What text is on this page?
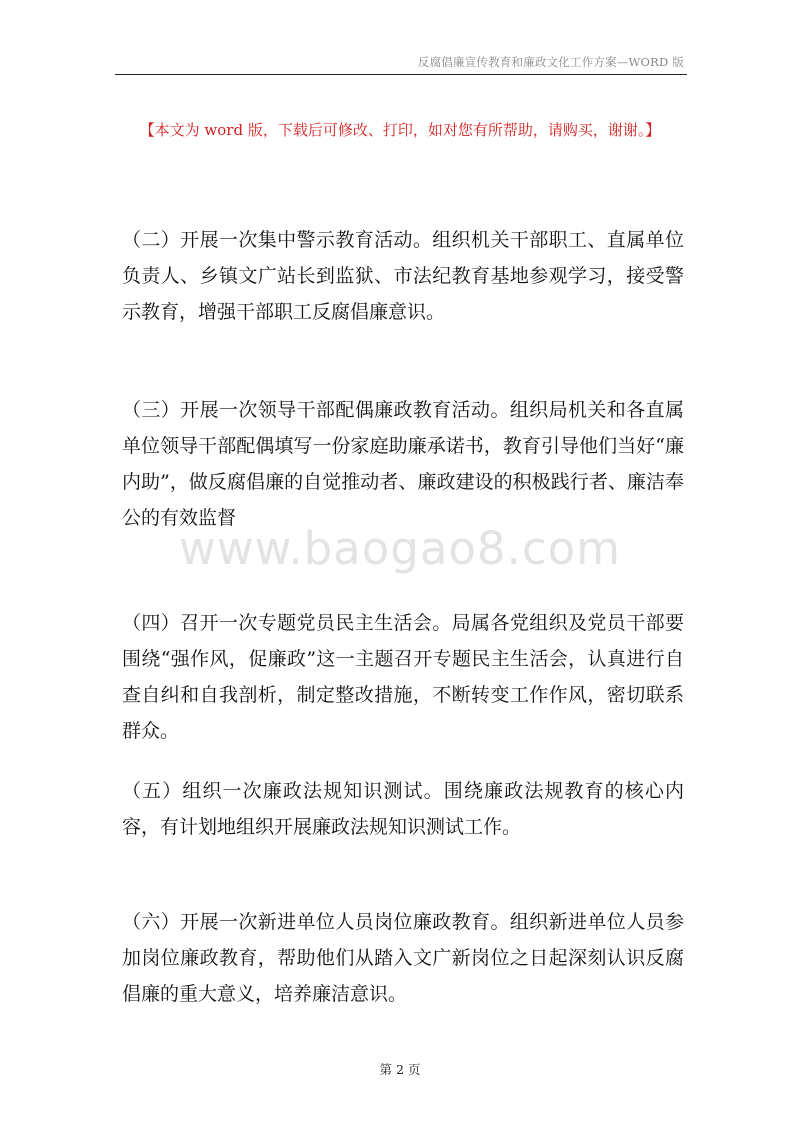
反腐倡廉宣传教育和廉政文化工作方案—WORD 版
【本文为 word 版，下载后可修改、打印，如对您有所帮助，请购买，谢谢。】

（二）开展一次集中警示教育活动。组织机关干部职工、直属单位负责人、乡镇文广站长到监狱、市法纪教育基地参观学习，接受警示教育，增强干部职工反腐倡廉意识。

（三）开展一次领导干部配偶廉政教育活动。组织局机关和各直属单位领导干部配偶填写一份家庭助廉承诺书，教育引导他们当好“廉内助”，做反腐倡廉的自觉推动者、廉政建设的积极践行者、廉洁奉公的有效监督

www.baogao8.com

（四）召开一次专题党员民主生活会。局属各党组织及党员干部要围绕“强作风，促廉政”这一主题召开专题民主生活会，认真进行自查自纠和自我剖析，制定整改措施，不断转变工作作风，密切联系群众。

（五）组织一次廉政法规知识测试。围绕廉政法规教育的核心内容，有计划地组织开展廉政法规知识测试工作。

（六）开展一次新进单位人员岗位廉政教育。组织新进单位人员参加岗位廉政教育，帮助他们从踏入文广新岗位之日起深刻认识反腐倡廉的重大意义，培养廉洁意识。

第 2 页
